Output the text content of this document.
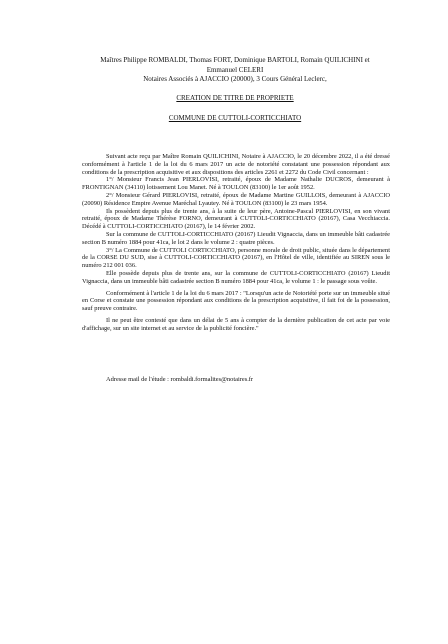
Maîtres Philippe ROMBALDI, Thomas FORT, Dominique BARTOLI, Romain QUILICHINI et
Emmanuel CELERI
Notaires Associés à AJACCIO (20000), 3 Cours Général Leclerc,
CREATION DE TITRE DE PROPRIETE
COMMUNE DE CUTTOLI-CORTICCHIATO

Suivant acte reçu par Maître Romain QUILICHINI, Notaire à AJACCIO, le 20 décembre 2022, il a été dressé conformément à l'article 1 de la loi du 6 mars 2017 un acte de notoriété constatant une possession répondant aux conditions de la prescription acquisitive et aux dispositions des articles 2261 et 2272 du Code Civil concernant :

1°/ Monsieur Francis Jean PIERLOVISI, retraité, époux de Madame Nathalie DUCROS, demeurant à FRONTIGNAN (34110) lotissement Lou Manet. Né à TOULON (83100) le 1er août 1952.

2°/ Monsieur Gérard PIERLOVISI, retraité, époux de Madame Martine GUILLOIS, demeurant à AJACCIO (20090) Résidence Empire Avenue Maréchal Lyautey. Né à TOULON (83100) le 23 mars 1954.

Ils possèdent depuis plus de trente ans, à la suite de leur père, Antoine-Pascal PIERLOVISI, en son vivant retraité, époux de Madame Thérèse FORNO, demeurant à CUTTOLI-CORTICCHIATO (20167), Casa Vecchiaccia. Décédé à CUTTOLI-CORTICCHIATO (20167), le 14 février 2002.

Sur la commune de CUTTOLI-CORTICCHIATO (20167) Lieudit Vignaccia, dans un immeuble bâti cadastrée section B numéro 1884 pour 41ca, le lot 2 dans le volume 2 : quatre pièces.

3°/ La Commune de CUTTOLI CORTICCHIATO, personne morale de droit public, située dans le département de la CORSE DU SUD, sise à CUTTOLI-CORTICCHIATO (20167), en l'Hôtel de ville, identifiée au SIREN sous le numéro 212 001 036.

Elle possède depuis plus de trente ans, sur la commune de CUTTOLI-CORTICCHIATO (20167) Lieudit Vignaccia, dans un immeuble bâti cadastrée section B numéro 1884 pour 41ca, le volume 1 : le passage sous voûte.

Conformément à l'article 1 de la loi du 6 mars 2017 : "Lorsqu'un acte de Notoriété porte sur un immeuble situé en Corse et constate une possession répondant aux conditions de la prescription acquisitive, il fait foi de la possession, sauf preuve contraire.

Il ne peut être contesté que dans un délai de 5 ans à compter de la dernière publication de cet acte par voie d'affichage, sur un site internet et au service de la publicité foncière."

Adresse mail de l'étude : rombaldi.formalites@notaires.fr
